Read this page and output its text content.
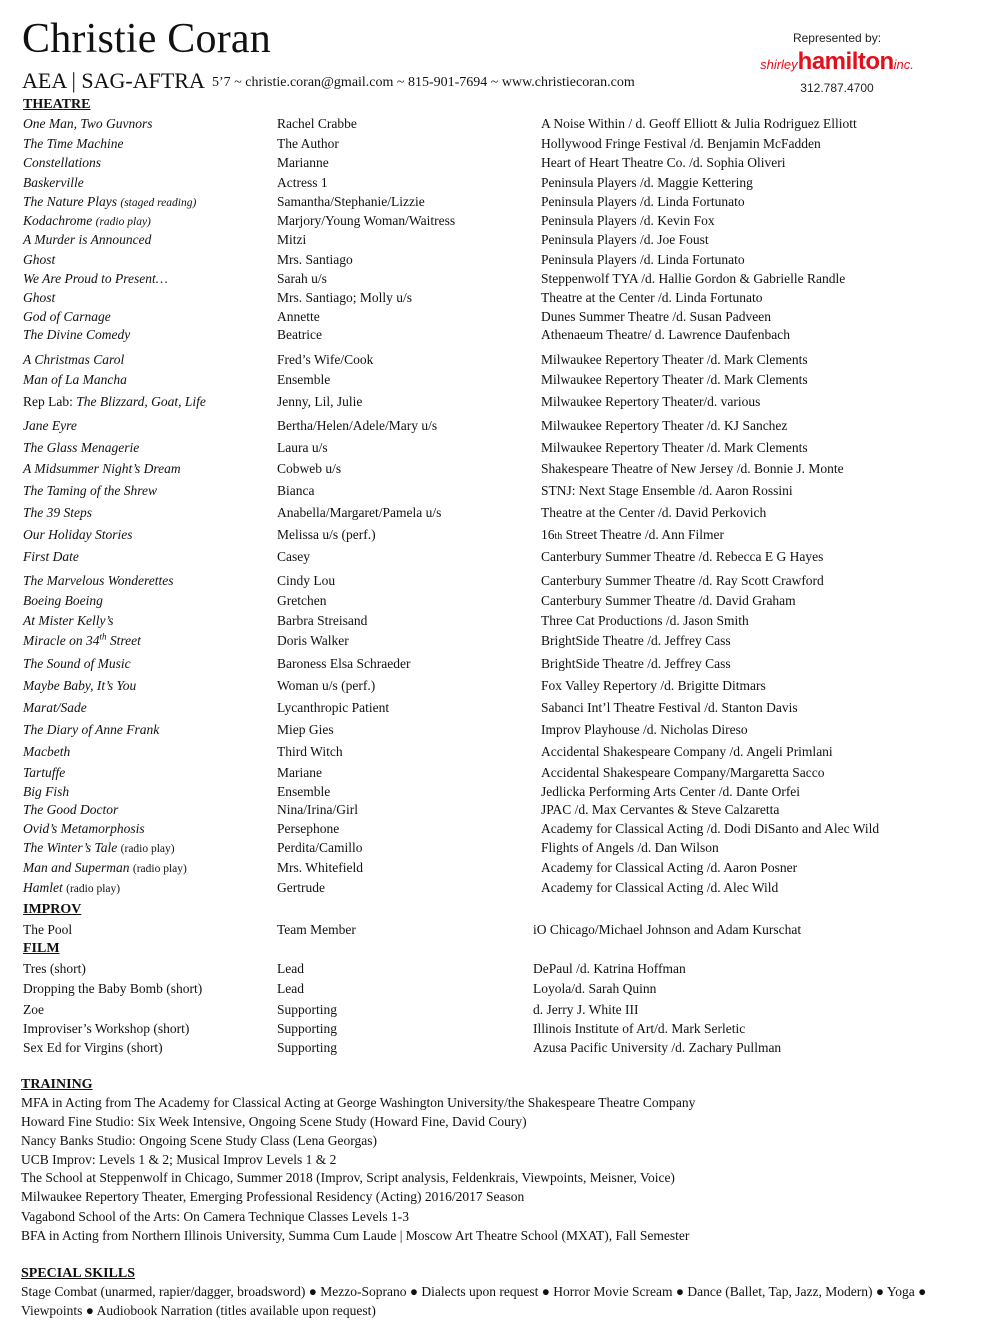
Christie Coran
AEA | SAG-AFTRA 5’7 ~ christie.coran@gmail.com ~ 815-901-7694 ~ www.christiecoran.com
Represented by:
shirleyhamiltoninc.
312.787.4700
THEATRE
One Man, Two Guvnors	Rachel Crabbe	A Noise Within / d. Geoff Elliott & Julia Rodriguez Elliott
The Time Machine	The Author	Hollywood Fringe Festival /d. Benjamin McFadden
Constellations	Marianne	Heart of Heart Theatre Co. /d. Sophia Oliveri
Baskerville	Actress 1	Peninsula Players /d. Maggie Kettering
The Nature Plays (staged reading)	Samantha/Stephanie/Lizzie	Peninsula Players /d. Linda Fortunato
Kodachrome (radio play)	Marjory/Young Woman/Waitress	Peninsula Players /d. Kevin Fox
A Murder is Announced	Mitzi	Peninsula Players /d. Joe Foust
Ghost	Mrs. Santiago	Peninsula Players /d. Linda Fortunato
We Are Proud to Present…	Sarah u/s	Steppenwolf TYA /d. Hallie Gordon & Gabrielle Randle
Ghost	Mrs. Santiago; Molly u/s	Theatre at the Center /d. Linda Fortunato
God of Carnage	Annette	Dunes Summer Theatre /d. Susan Padveen
The Divine Comedy	Beatrice	Athenaeum Theatre/ d. Lawrence Daufenbach
A Christmas Carol	Fred’s Wife/Cook	Milwaukee Repertory Theater /d. Mark Clements
Man of La Mancha	Ensemble	Milwaukee Repertory Theater /d. Mark Clements
Rep Lab: The Blizzard, Goat, Life	Jenny, Lil, Julie	Milwaukee Repertory Theater/d. various
Jane Eyre	Bertha/Helen/Adele/Mary u/s	Milwaukee Repertory Theater /d. KJ Sanchez
The Glass Menagerie	Laura u/s	Milwaukee Repertory Theater /d. Mark Clements
A Midsummer Night’s Dream	Cobweb u/s	Shakespeare Theatre of New Jersey /d. Bonnie J. Monte
The Taming of the Shrew	Bianca	STNJ: Next Stage Ensemble /d. Aaron Rossini
The 39 Steps	Anabella/Margaret/Pamela u/s	Theatre at the Center /d. David Perkovich
Our Holiday Stories	Melissa u/s (perf.)	16th Street Theatre /d. Ann Filmer
First Date	Casey	Canterbury Summer Theatre /d. Rebecca E G Hayes
The Marvelous Wonderettes	Cindy Lou	Canterbury Summer Theatre /d. Ray Scott Crawford
Boeing Boeing	Gretchen	Canterbury Summer Theatre /d. David Graham
At Mister Kelly’s	Barbra Streisand	Three Cat Productions /d. Jason Smith
Miracle on 34th Street	Doris Walker	BrightSide Theatre /d. Jeffrey Cass
The Sound of Music	Baroness Elsa Schraeder	BrightSide Theatre /d. Jeffrey Cass
Maybe Baby, It’s You	Woman u/s (perf.)	Fox Valley Repertory /d. Brigitte Ditmars
Marat/Sade	Lycanthropic Patient	Sabanci Int’l Theatre Festival /d. Stanton Davis
The Diary of Anne Frank	Miep Gies	Improv Playhouse /d. Nicholas Direso
Macbeth	Third Witch	Accidental Shakespeare Company /d. Angeli Primlani
Tartuffe	Mariane	Accidental Shakespeare Company/Margaretta Sacco
Big Fish	Ensemble	Jedlicka Performing Arts Center /d. Dante Orfei
The Good Doctor	Nina/Irina/Girl	JPAC /d. Max Cervantes & Steve Calzaretta
Ovid’s Metamorphosis	Persephone	Academy for Classical Acting /d. Dodi DiSanto and Alec Wild
The Winter’s Tale (radio play)	Perdita/Camillo	Flights of Angels /d. Dan Wilson
Man and Superman (radio play)	Mrs. Whitefield	Academy for Classical Acting /d. Aaron Posner
Hamlet (radio play)	Gertrude	Academy for Classical Acting /d. Alec Wild
IMPROV
The Pool	Team Member	iO Chicago/Michael Johnson and Adam Kurschat
FILM
Tres (short)	Lead	DePaul /d. Katrina Hoffman
Dropping the Baby Bomb (short)	Lead	Loyola/d. Sarah Quinn
Zoe	Supporting	d. Jerry J. White III
Improviser’s Workshop (short)	Supporting	Illinois Institute of Art/d. Mark Serletic
Sex Ed for Virgins (short)	Supporting	Azusa Pacific University /d. Zachary Pullman
TRAINING
MFA in Acting from The Academy for Classical Acting at George Washington University/the Shakespeare Theatre Company
Howard Fine Studio: Six Week Intensive, Ongoing Scene Study (Howard Fine, David Coury)
Nancy Banks Studio: Ongoing Scene Study Class (Lena Georgas)
UCB Improv: Levels 1 & 2; Musical Improv Levels 1 & 2
The School at Steppenwolf in Chicago, Summer 2018 (Improv, Script analysis, Feldenkrais, Viewpoints, Meisner, Voice)
Milwaukee Repertory Theater, Emerging Professional Residency (Acting) 2016/2017 Season
Vagabond School of the Arts: On Camera Technique Classes Levels 1-3
BFA in Acting from Northern Illinois University, Summa Cum Laude | Moscow Art Theatre School (MXAT), Fall Semester
SPECIAL SKILLS
Stage Combat (unarmed, rapier/dagger, broadsword) ● Mezzo-Soprano ● Dialects upon request ● Horror Movie Scream ● Dance (Ballet, Tap, Jazz, Modern) ● Yoga ● Viewpoints ● Audiobook Narration (titles available upon request)
